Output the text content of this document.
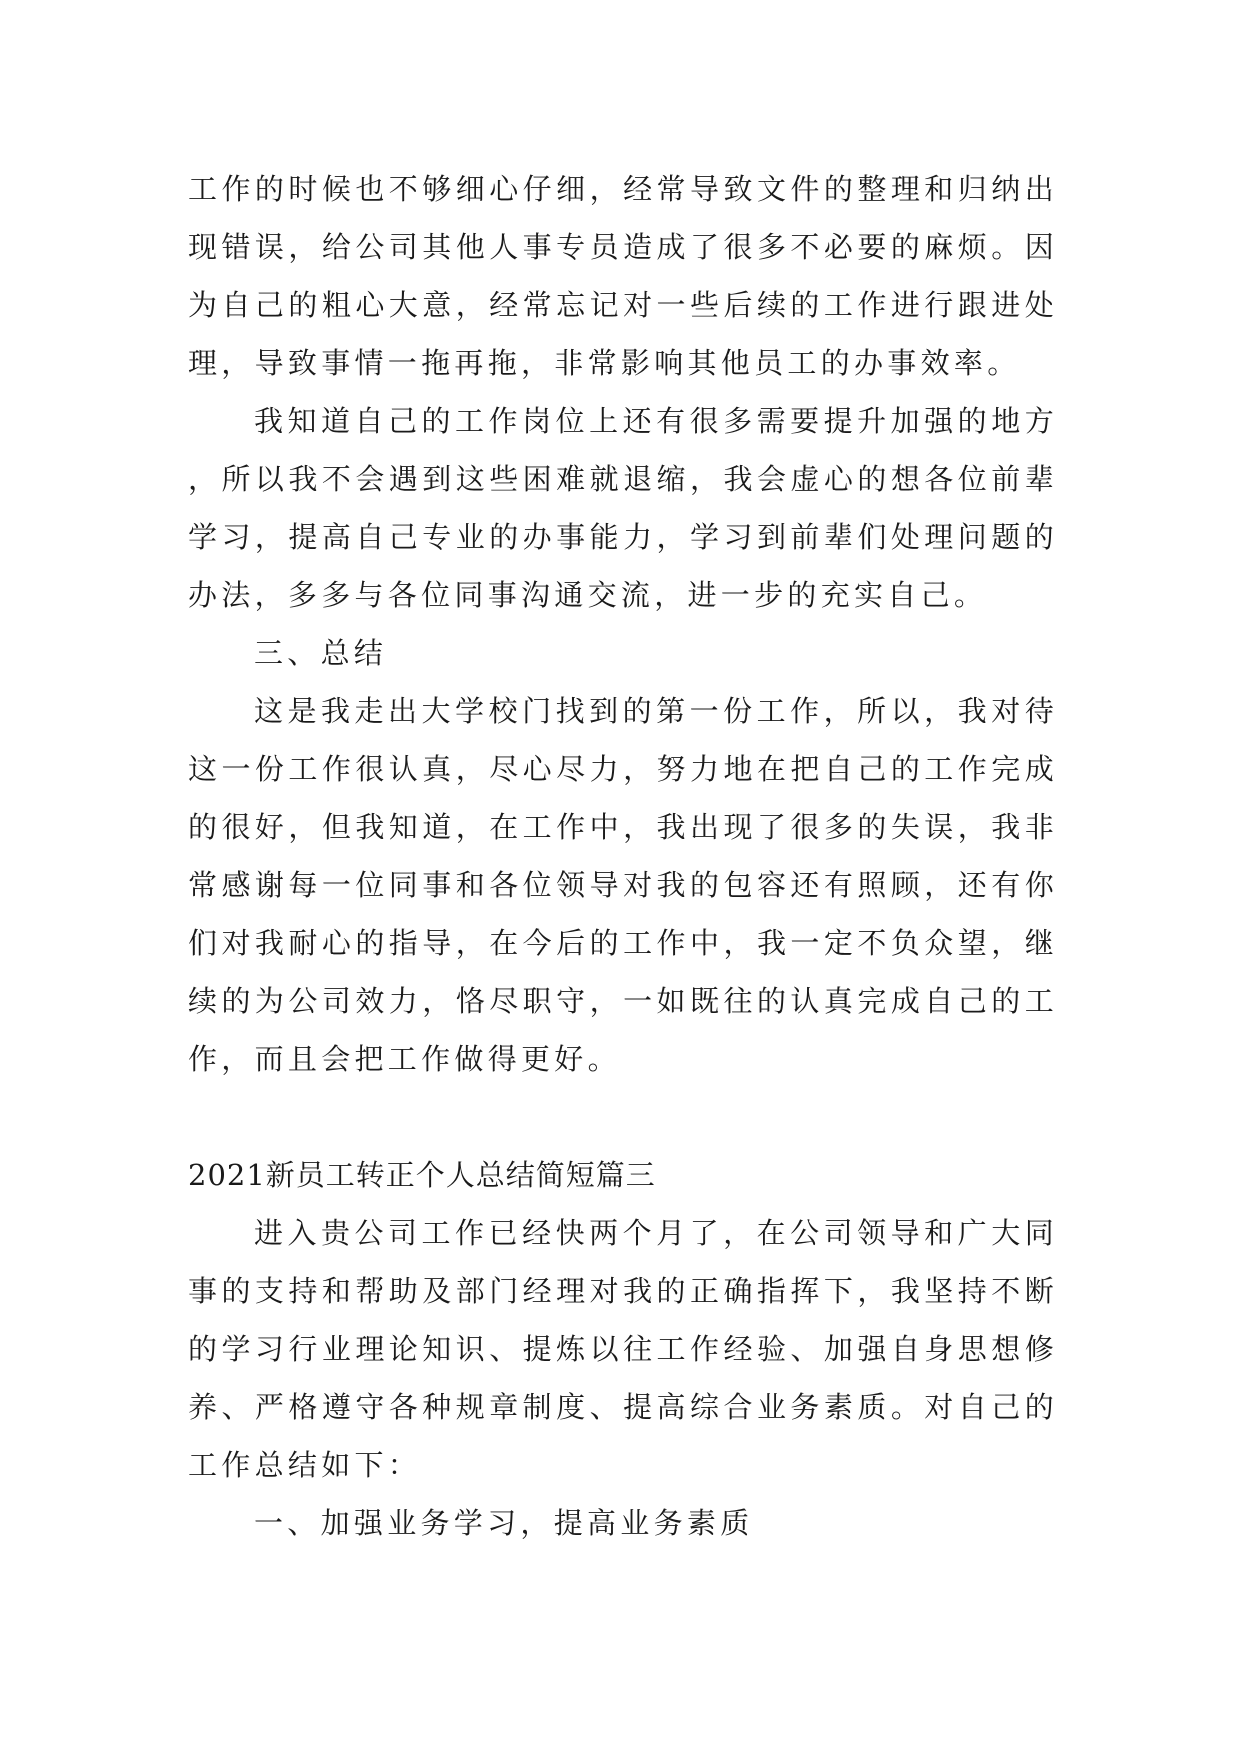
工作的时候也不够细心仔细，经常导致文件的整理和归纳出现错误，给公司其他人事专员造成了很多不必要的麻烦。因为自己的粗心大意，经常忘记对一些后续的工作进行跟进处理，导致事情一拖再拖，非常影响其他员工的办事效率。

我知道自己的工作岗位上还有很多需要提升加强的地方，所以我不会遇到这些困难就退缩，我会虚心的想各位前辈学习，提高自己专业的办事能力，学习到前辈们处理问题的办法，多多与各位同事沟通交流，进一步的充实自己。

三、总结

这是我走出大学校门找到的第一份工作，所以，我对待这一份工作很认真，尽心尽力，努力地在把自己的工作完成的很好，但我知道，在工作中，我出现了很多的失误，我非常感谢每一位同事和各位领导对我的包容还有照顾，还有你们对我耐心的指导，在今后的工作中，我一定不负众望，继续的为公司效力，恪尽职守，一如既往的认真完成自己的工作，而且会把工作做得更好。

2021新员工转正个人总结简短篇三

进入贵公司工作已经快两个月了，在公司领导和广大同事的支持和帮助及部门经理对我的正确指挥下，我坚持不断的学习行业理论知识、提炼以往工作经验、加强自身思想修养、严格遵守各种规章制度、提高综合业务素质。对自己的工作总结如下：

一、加强业务学习，提高业务素质
